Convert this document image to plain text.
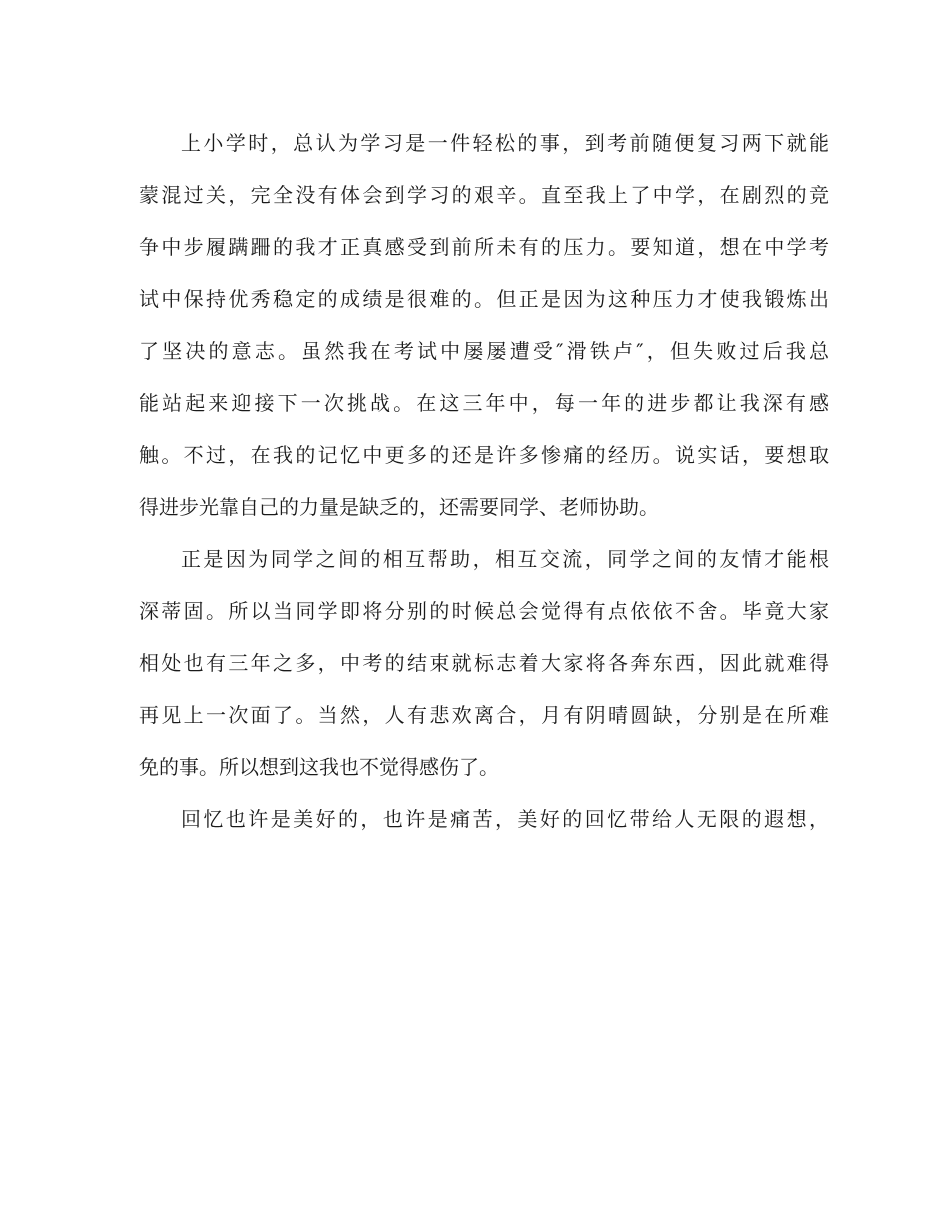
上小学时，总认为学习是一件轻松的事，到考前随便复习两下就能
蒙混过关，完全没有体会到学习的艰辛。直至我上了中学，在剧烈的竞
争中步履蹒跚的我才正真感受到前所未有的压力。要知道，想在中学考
试中保持优秀稳定的成绩是很难的。但正是因为这种压力才使我锻炼出
了坚决的意志。虽然我在考试中屡屡遭受″滑铁卢″，但失败过后我总
能站起来迎接下一次挑战。在这三年中，每一年的进步都让我深有感
触。不过，在我的记忆中更多的还是许多惨痛的经历。说实话，要想取
得进步光靠自己的力量是缺乏的，还需要同学、老师协助。
正是因为同学之间的相互帮助，相互交流，同学之间的友情才能根
深蒂固。所以当同学即将分别的时候总会觉得有点依依不舍。毕竟大家
相处也有三年之多，中考的结束就标志着大家将各奔东西，因此就难得
再见上一次面了。当然，人有悲欢离合，月有阴晴圆缺，分别是在所难
免的事。所以想到这我也不觉得感伤了。
回忆也许是美好的，也许是痛苦，美好的回忆带给人无限的遐想，
